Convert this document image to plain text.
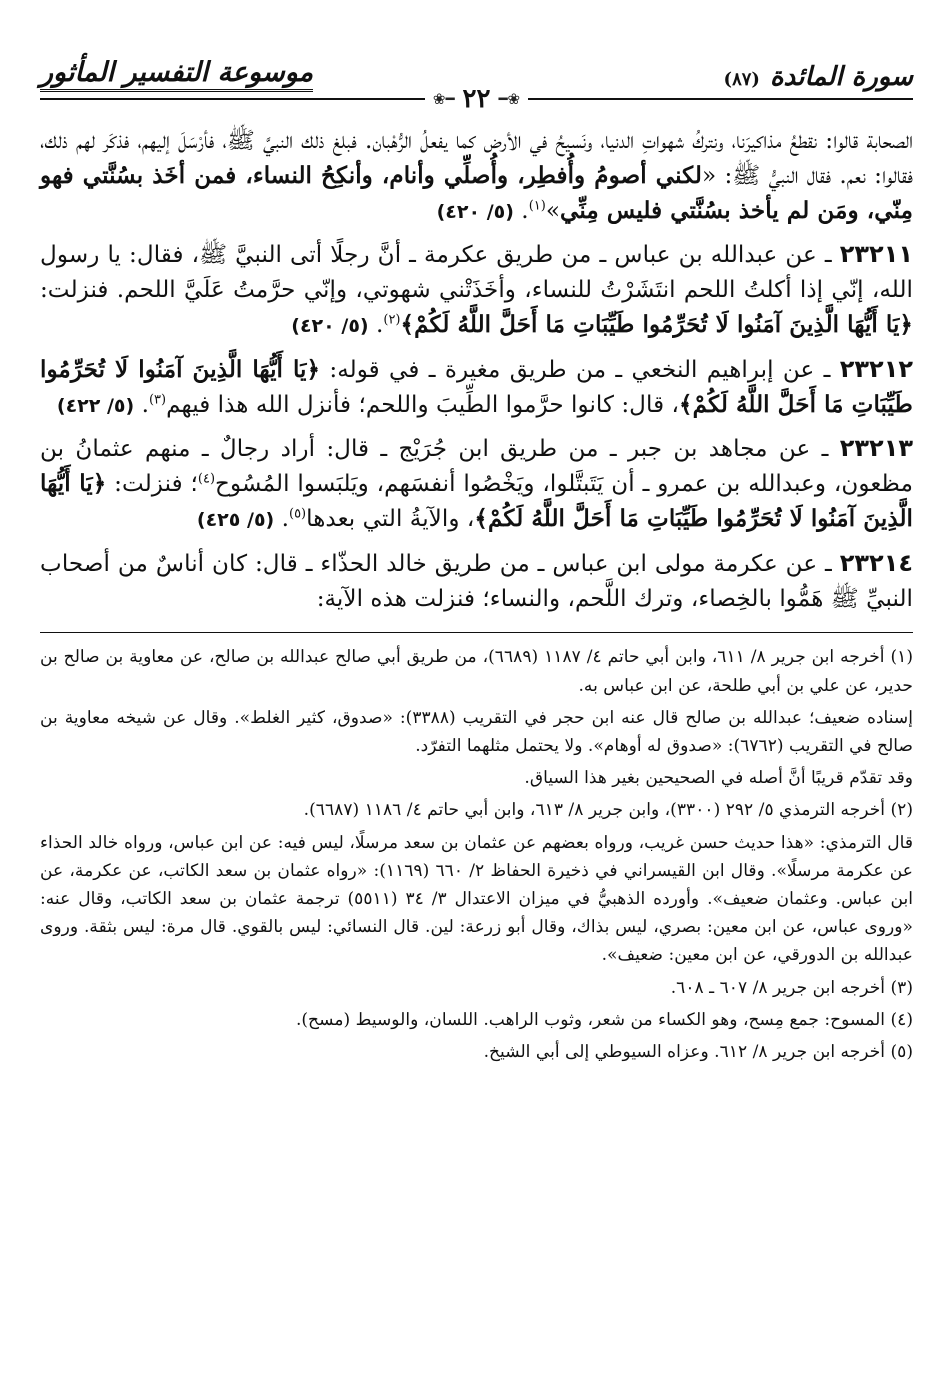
سورة المائدة
(٨٧)
موسوعة التفسير المأثور
❀━
٢٢
━❀

الصحابة قالوا: نقطعُ مذاكيرَنا، ونتركُ شهواتِ الدنيا، ونَسيحُ في الأرض كما يفعلُ الرُّهْبان. فبلغ ذلك النبيَّ ﷺ، فأرْسَلَ إليهم، فذكَر لهم ذلك، فقالوا: نعم. فقال النبيُّ ﷺ: «لكني أصومُ وأُفطِر، وأُصلِّي وأنام، وأنكِحُ النساء، فمن أخَذ بسُنَّتي فهو مِنّي، ومَن لم يأخذ بسُنَّتي فليس مِنِّي»$^{(١)}$. (٥/ ٤٢٠)

٢٣٢١١ ـ عن عبدالله بن عباس ـ من طريق عكرمة ـ أنَّ رجلًا أتى النبيَّ ﷺ، فقال: يا رسول الله، إنّي إذا أكلتُ اللحم انتَشَرْتُ للنساء، وأخَذَتْني شهوتي، وإنّي حرَّمتُ عَلَيَّ اللحم. فنزلت: ﴿يَا أَيُّهَا الَّذِينَ آمَنُوا لَا تُحَرِّمُوا طَيِّبَاتِ مَا أَحَلَّ اللَّهُ لَكُمْ﴾$^{(٢)}$. (٥/ ٤٢٠)

٢٣٢١٢ ـ عن إبراهيم النخعي ـ من طريق مغيرة ـ في قوله: ﴿يَا أَيُّهَا الَّذِينَ آمَنُوا لَا تُحَرِّمُوا طَيِّبَاتِ مَا أَحَلَّ اللَّهُ لَكُمْ﴾، قال: كانوا حرَّموا الطِّيبَ واللحم؛ فأنزل الله هذا فيهم$^{(٣)}$. (٥/ ٤٢٢)

٢٣٢١٣ ـ عن مجاهد بن جبر ـ من طريق ابن جُرَيْج ـ قال: أراد رجالٌ ـ منهم عثمانُ بن مظعون، وعبدالله بن عمرو ـ أن يَتَبتَّلوا، ويَخْصُوا أنفسَهم، ويَلبَسوا المُسُوح$^{(٤)}$؛ فنزلت: ﴿يَا أَيُّهَا الَّذِينَ آمَنُوا لَا تُحَرِّمُوا طَيِّبَاتِ مَا أَحَلَّ اللَّهُ لَكُمْ﴾، والآيةُ التي بعدها$^{(٥)}$. (٥/ ٤٢٥)

٢٣٢١٤ ـ عن عكرمة مولى ابن عباس ـ من طريق خالد الحذّاء ـ قال: كان أناسٌ من أصحاب النبيِّ ﷺ هَمُّوا بالخِصاء، وترك اللَّحم، والنساء؛ فنزلت هذه الآية:

(١) أخرجه ابن جرير ٨/ ٦١١، وابن أبي حاتم ٤/ ١١٨٧ (٦٦٨٩)، من طريق أبي صالح عبدالله بن صالح، عن معاوية بن صالح بن حدير، عن علي بن أبي طلحة، عن ابن عباس به.

إسناده ضعيف؛ عبدالله بن صالح قال عنه ابن حجر في التقريب (٣٣٨٨): «صدوق، كثير الغلط». وقال عن شيخه معاوية بن صالح في التقريب (٦٧٦٢): «صدوق له أوهام». ولا يحتمل مثلهما التفرّد.

وقد تقدّم قريبًا أنَّ أصله في الصحيحين بغير هذا السياق.

(٢) أخرجه الترمذي ٥/ ٢٩٢ (٣٣٠٠)، وابن جرير ٨/ ٦١٣، وابن أبي حاتم ٤/ ١١٨٦ (٦٦٨٧).

قال الترمذي: «هذا حديث حسن غريب، ورواه بعضهم عن عثمان بن سعد مرسلًا، ليس فيه: عن ابن عباس، ورواه خالد الحذاء عن عكرمة مرسلًا». وقال ابن القيسراني في ذخيرة الحفاظ ٢/ ٦٦٠ (١١٦٩): «رواه عثمان بن سعد الكاتب، عن عكرمة، عن ابن عباس. وعثمان ضعيف». وأورده الذهبيُّ في ميزان الاعتدال ٣/ ٣٤ (٥٥١١) ترجمة عثمان بن سعد الكاتب، وقال عنه: «وروى عباس، عن ابن معين: بصري، ليس بذاك، وقال أبو زرعة: لين. قال النسائي: ليس بالقوي. قال مرة: ليس بثقة. وروى عبدالله بن الدورقي، عن ابن معين: ضعيف».

(٣) أخرجه ابن جرير ٨/ ٦٠٧ ـ ٦٠٨.

(٤) المسوح: جمع مِسح، وهو الكساء من شعر، وثوب الراهب. اللسان، والوسيط (مسح).

(٥) أخرجه ابن جرير ٨/ ٦١٢. وعزاه السيوطي إلى أبي الشيخ.
